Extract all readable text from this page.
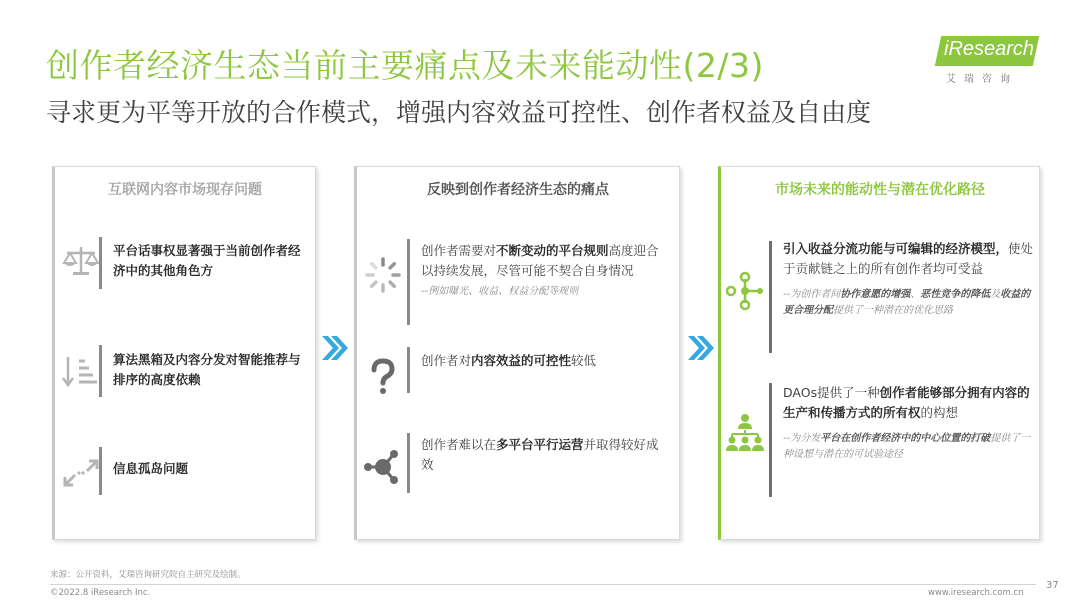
创作者经济生态当前主要痛点及未来能动性(2/3)
寻求更为平等开放的合作模式，增强内容效益可控性、创作者权益及自由度
iResearch
艾瑞咨询
互联网内容市场现存问题
平台话事权显著强于当前创作者经济中的其他角色方
算法黑箱及内容分发对智能推荐与排序的高度依赖
信息孤岛问题
反映到创作者经济生态的痛点
创作者需要对不断变动的平台规则高度迎合以持续发展，尽管可能不契合自身情况
--例如曝光、收益、权益分配等规则
创作者对内容效益的可控性较低
创作者难以在多平台平行运营并取得较好成效
市场未来的能动性与潜在优化路径
引入收益分流功能与可编辑的经济模型，使处于贡献链之上的所有创作者均可受益
--为创作者间协作意愿的增强、恶性竞争的降低及收益的更合理分配提供了一种潜在的优化思路
DAOs提供了一种创作者能够部分拥有内容的生产和传播方式的所有权的构想
--为分发平台在创作者经济中的中心位置的打破提供了一种设想与潜在的可试验途径
来源：公开资料，艾瑞咨询研究院自主研究及绘制。
©2022.8 iResearch Inc.	www.iresearch.com.cn
37
